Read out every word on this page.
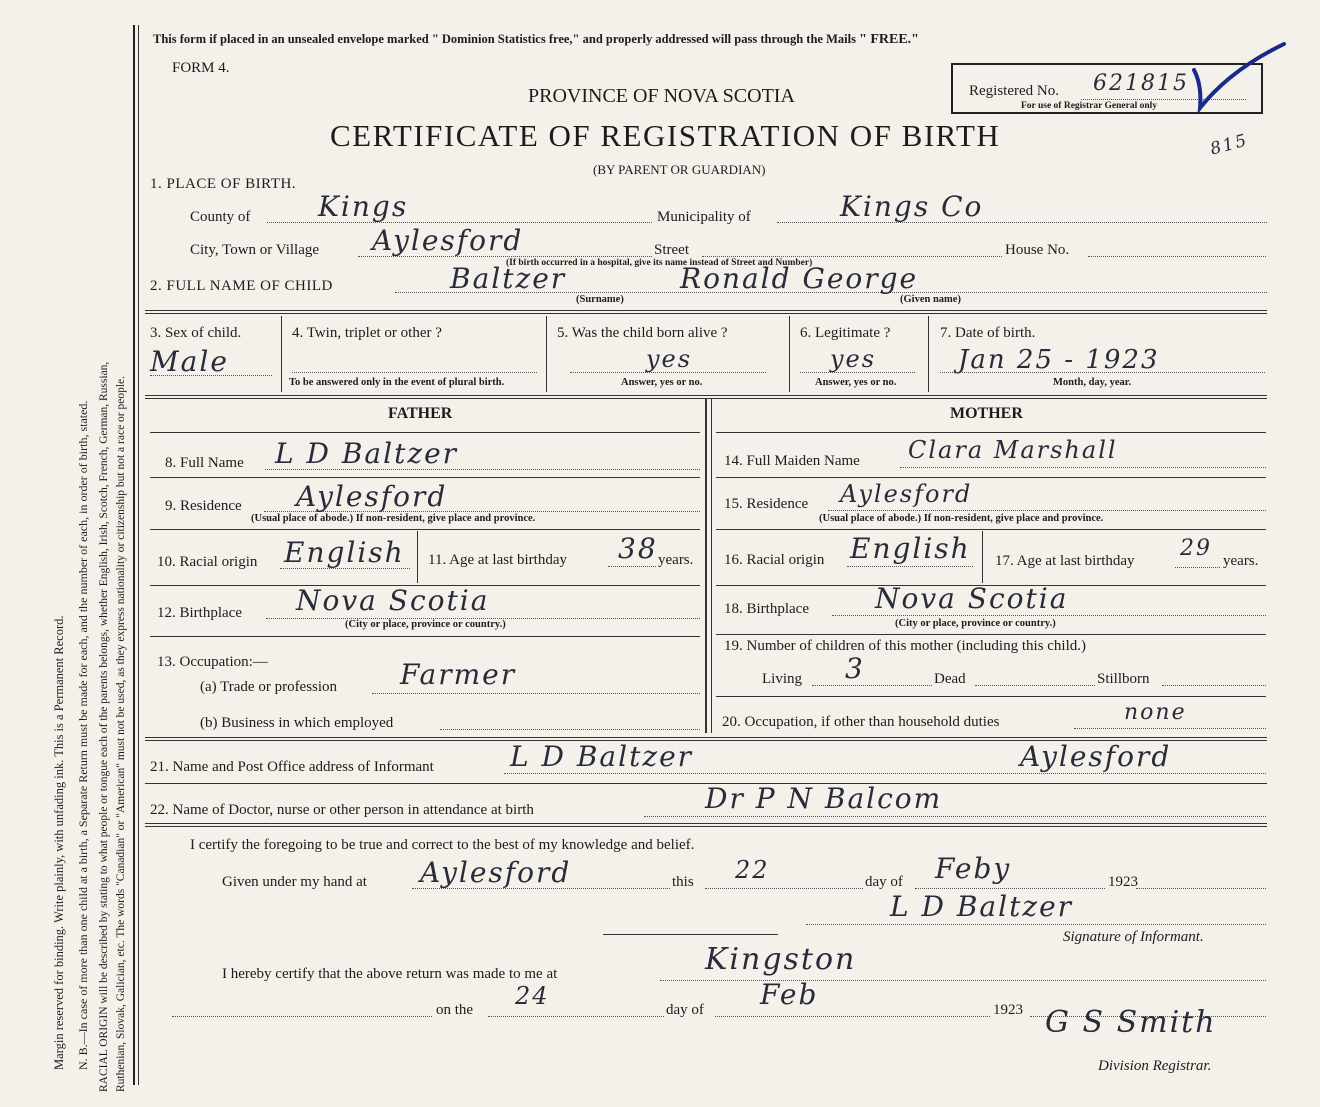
Margin reserved for binding. Write plainly, with unfading ink. This is a Permanent Record. N. B.—In case of more than one child at a birth, a Separate Return must be made for each, and the number of each, in order of birth, stated. RACIAL ORIGIN will be described by stating to what people or tongue each of the parents belongs, whether English, Irish, Scotch, French, German, Russian, Ruthenian, Slovak, Galician, etc. The words "Canadian" or "American" must not be used, as they express nationality or citizenship but not a race or people.
This form if placed in an unsealed envelope marked " Dominion Statistics free," and properly addressed will pass through the Mails " FREE."
FORM 4.
PROVINCE OF NOVA SCOTIA
CERTIFICATE OF REGISTRATION OF BIRTH
(BY PARENT OR GUARDIAN)
Registered No. 621815
For use of Registrar General only
815
1. PLACE OF BIRTH.
County of Kings	Municipality of	Kings Co
City, Town or Village Aylesford	Street	House No.
(If birth occurred in a hospital, give its name instead of Street and Number)
2. FULL NAME OF CHILD	Baltzer	Ronald George
(Surname)	(Given name)
3. Sex of child.
Male
4. Twin, triplet or other ?
To be answered only in the event of plural birth.
5. Was the child born alive ?
yes
Answer, yes or no.
6. Legitimate ?
yes
Answer, yes or no.
7. Date of birth.
Jan 25 - 1923
Month, day, year.
FATHER
8. Full Name L D Baltzer
9. Residence Aylesford
(Usual place of abode.) If non-resident, give place and province.
10. Racial origin English 11. Age at last birthday 38 years.
12. Birthplace Nova Scotia
(City or place, province or country.)
13. Occupation:—
(a) Trade or profession Farmer
(b) Business in which employed
MOTHER
14. Full Maiden Name Clara Marshall
15. Residence Aylesford
(Usual place of abode.) If non-resident, give place and province.
16. Racial origin English 17. Age at last birthday 29 years.
18. Birthplace Nova Scotia
(City or place, province or country.)
19. Number of children of this mother (including this child.)
Living 3	Dead	Stillborn
20. Occupation, if other than household duties	none
21. Name and Post Office address of Informant	L D Baltzer	Aylesford
22. Name of Doctor, nurse or other person in attendance at birth	Dr P N Balcom
I certify the foregoing to be true and correct to the best of my knowledge and belief.
Given under my hand at Aylesford	this 22	day of Feby	1923
L D Baltzer
Signature of Informant.
I hereby certify that the above return was made to me at	Kingston
on the 24	day of Feb	1923 G S Smith
Division Registrar.
